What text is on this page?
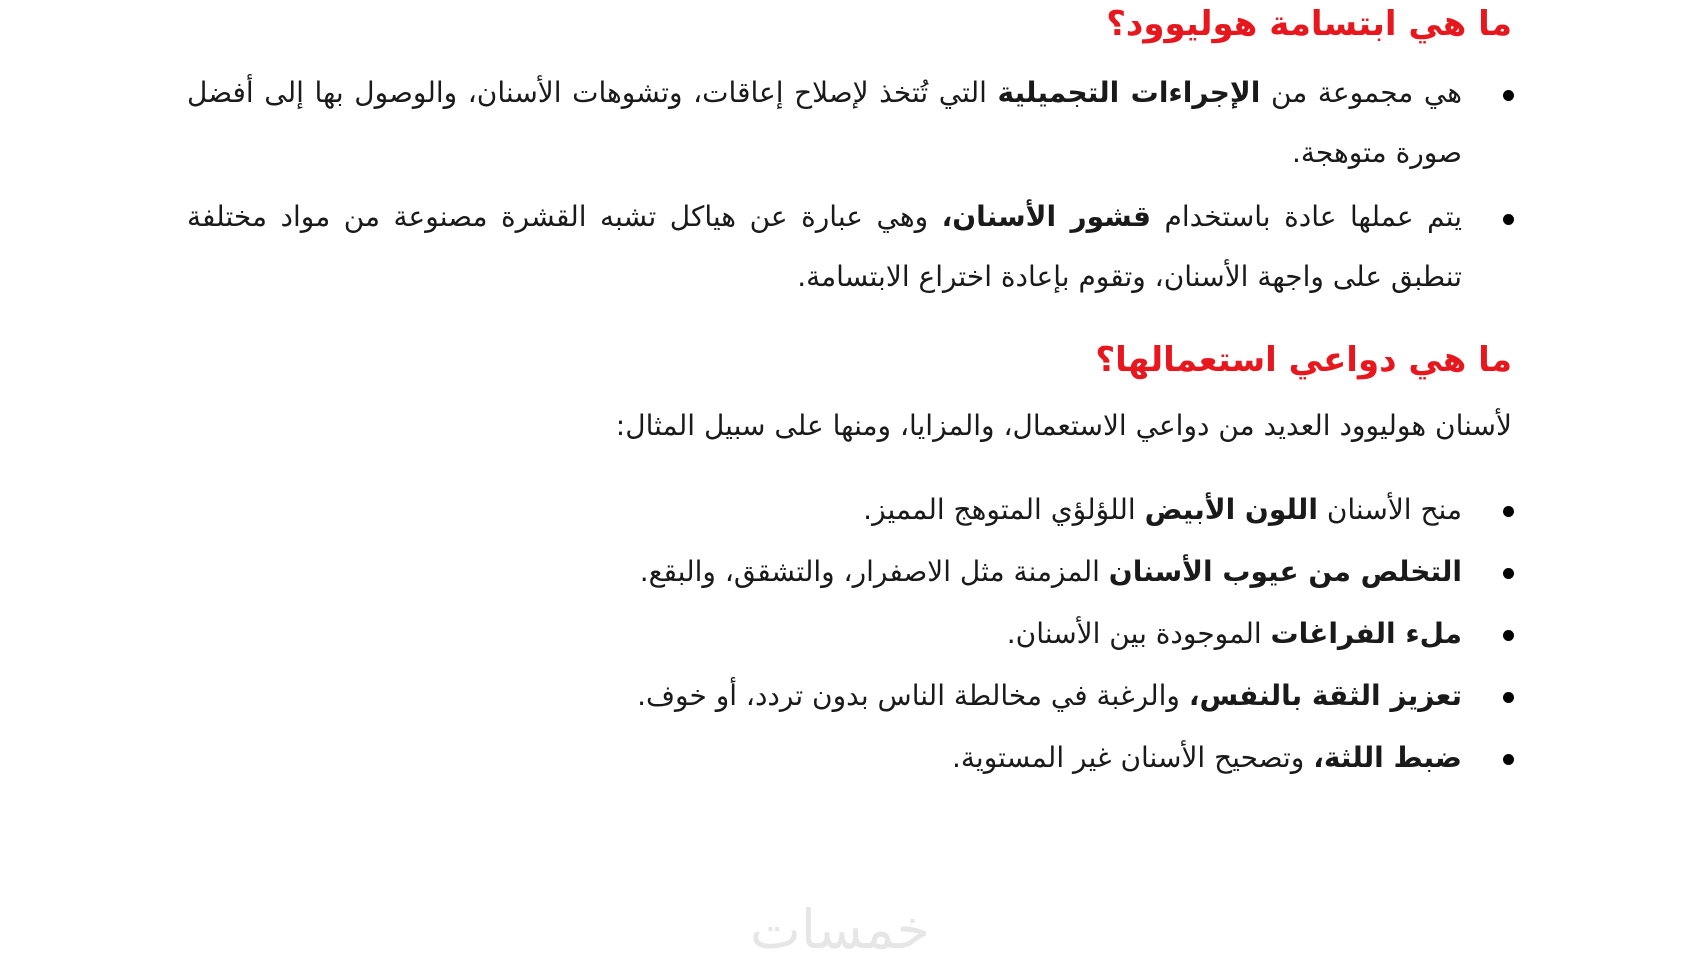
ما هي ابتسامة هوليوود؟
هي مجموعة من الإجراءات التجميلية التي تُتخذ لإصلاح إعاقات، وتشوهات الأسنان، والوصول بها إلى أفضل صورة متوهجة.
يتم عملها عادة باستخدام قشور الأسنان، وهي عبارة عن هياكل تشبه القشرة مصنوعة من مواد مختلفة تنطبق على واجهة الأسنان، وتقوم بإعادة اختراع الابتسامة.
ما هي دواعي استعمالها؟

لأسنان هوليوود العديد من دواعي الاستعمال، والمزايا، ومنها على سبيل المثال:

منح الأسنان اللون الأبيض اللؤلؤي المتوهج المميز.
التخلص من عيوب الأسنان المزمنة مثل الاصفرار، والتشقق، والبقع.
ملء الفراغات الموجودة بين الأسنان.
تعزيز الثقة بالنفس، والرغبة في مخالطة الناس بدون تردد، أو خوف.
ضبط اللثة، وتصحيح الأسنان غير المستوية.
خمسات
